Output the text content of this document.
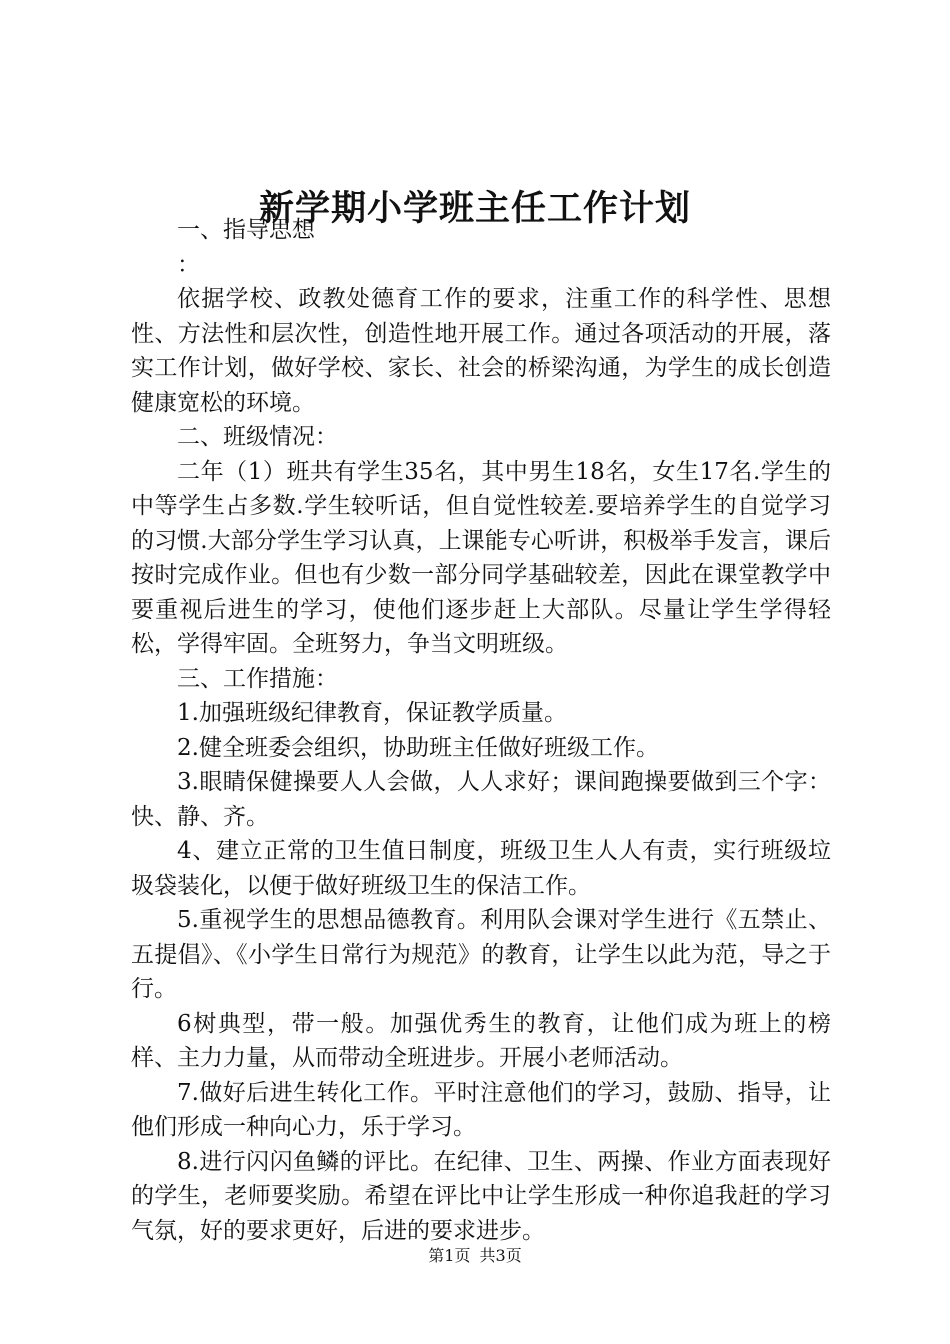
新学期小学班主任工作计划

一、指导思想

：

依据学校、政教处德育工作的要求，注重工作的科学性、思想性、方法性和层次性，创造性地开展工作。通过各项活动的开展，落实工作计划，做好学校、家长、社会的桥梁沟通，为学生的成长创造健康宽松的环境。

二、班级情况：

二年（1）班共有学生35名，其中男生18名，女生17名.学生的中等学生占多数.学生较听话，但自觉性较差.要培养学生的自觉学习的习惯.大部分学生学习认真，上课能专心听讲，积极举手发言，课后按时完成作业。但也有少数一部分同学基础较差，因此在课堂教学中要重视后进生的学习，使他们逐步赶上大部队。尽量让学生学得轻松，学得牢固。全班努力，争当文明班级。

三、工作措施：

1.加强班级纪律教育，保证教学质量。

2.健全班委会组织，协助班主任做好班级工作。

3.眼睛保健操要人人会做，人人求好；课间跑操要做到三个字：快、静、齐。

4、建立正常的卫生值日制度，班级卫生人人有责，实行班级垃圾袋装化，以便于做好班级卫生的保洁工作。

5.重视学生的思想品德教育。利用队会课对学生进行《五禁止、五提倡》、《小学生日常行为规范》的教育，让学生以此为范，导之于行。

6树典型，带一般。加强优秀生的教育，让他们成为班上的榜样、主力力量，从而带动全班进步。开展小老师活动。

7.做好后进生转化工作。平时注意他们的学习，鼓励、指导，让他们形成一种向心力，乐于学习。

8.进行闪闪鱼鳞的评比。在纪律、卫生、两操、作业方面表现好的学生，老师要奖励。希望在评比中让学生形成一种你追我赶的学习气氛，好的要求更好，后进的要求进步。

第1页 共3页
